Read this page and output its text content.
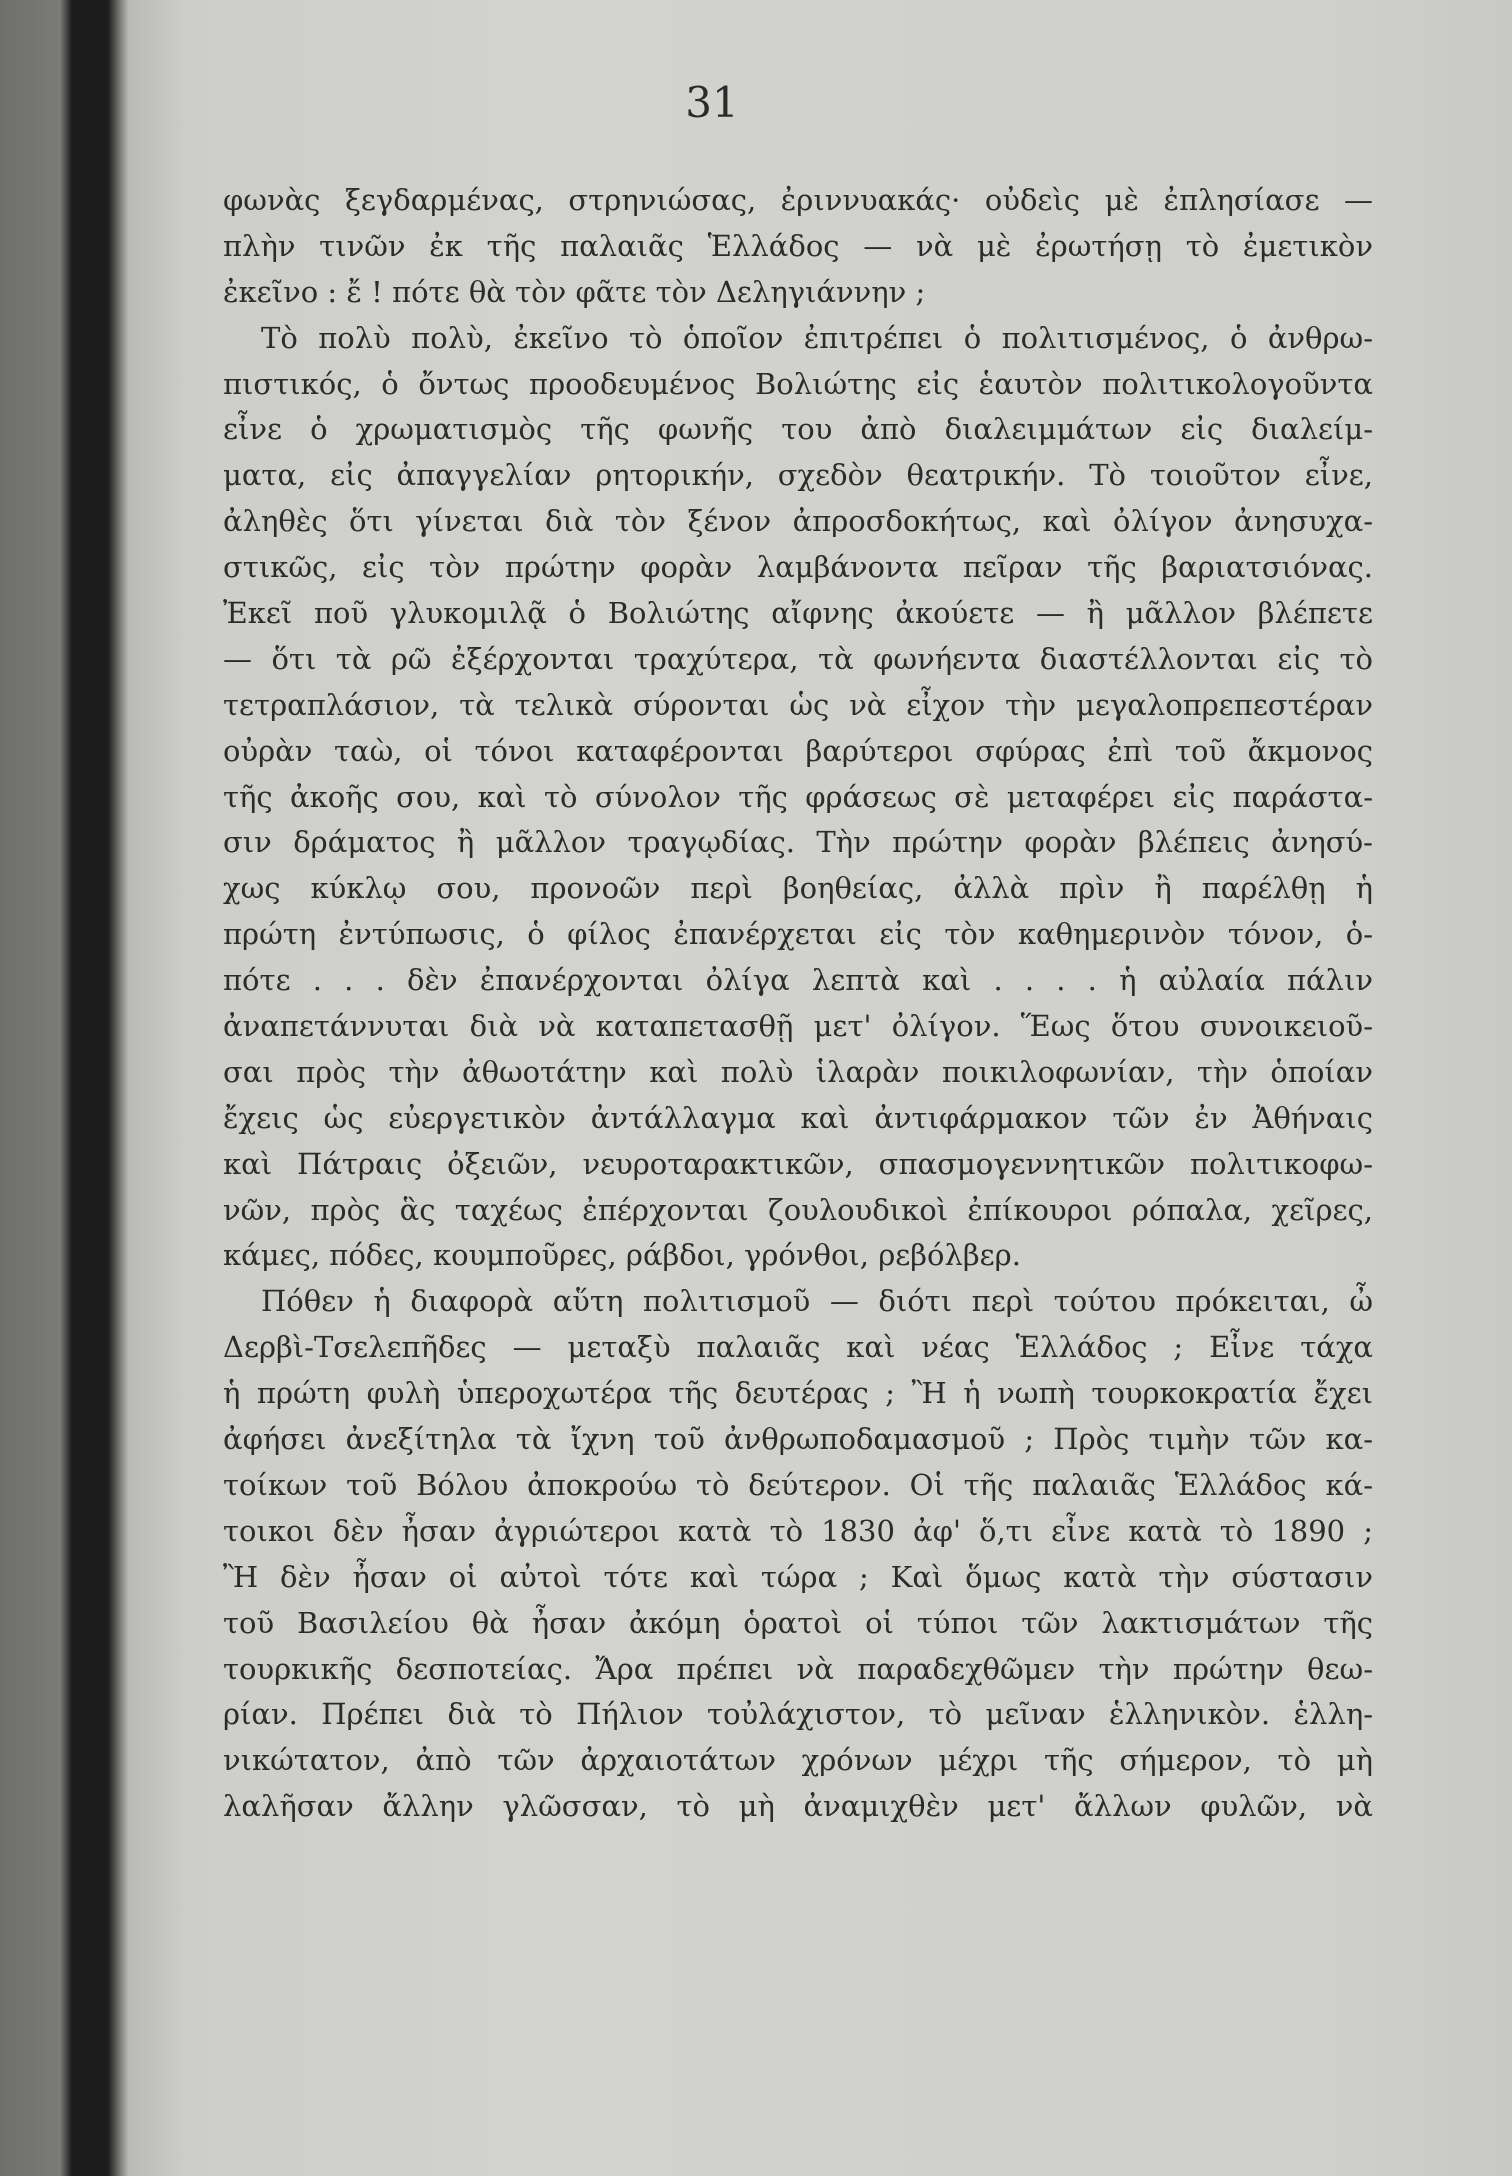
31
φωνὰς ξεγδαρμένας, στρηνιώσας, ἐριννυακάς· οὐδεὶς μὲ ἐπλησίασε —
πλὴν τινῶν ἐκ τῆς παλαιᾶς Ἑλλάδος — νὰ μὲ ἐρωτήσῃ τὸ ἐμετικὸν
ἐκεῖνο : ἔ ! πότε θὰ τὸν φᾶτε τὸν Δεληγιάννην ;
Τὸ πολὺ πολὺ, ἐκεῖνο τὸ ὁποῖον ἐπιτρέπει ὁ πολιτισμένος, ὁ ἀνθρω-
πιστικός, ὁ ὄντως προοδευμένος Βολιώτης εἰς ἑαυτὸν πολιτικολογοῦντα
εἶνε ὁ χρωματισμὸς τῆς φωνῆς του ἀπὸ διαλειμμάτων εἰς διαλείμ-
ματα, εἰς ἀπαγγελίαν ρητορικήν, σχεδὸν θεατρικήν. Τὸ τοιοῦτον εἶνε,
ἀληθὲς ὅτι γίνεται διὰ τὸν ξένον ἀπροσδοκήτως, καὶ ὀλίγον ἀνησυχα-
στικῶς, εἰς τὸν πρώτην φορὰν λαμβάνοντα πεῖραν τῆς βαριατσιόνας.
Ἐκεῖ ποῦ γλυκομιλᾷ ὁ Βολιώτης αἴφνης ἀκούετε — ἢ μᾶλλον βλέπετε
— ὅτι τὰ ρῶ ἐξέρχονται τραχύτερα, τὰ φωνήεντα διαστέλλονται εἰς τὸ
τετραπλάσιον, τὰ τελικὰ σύρονται ὡς νὰ εἶχον τὴν μεγαλοπρεπεστέραν
οὐρὰν ταὼ, οἱ τόνοι καταφέρονται βαρύτεροι σφύρας ἐπὶ τοῦ ἄκμονος
τῆς ἀκοῆς σου, καὶ τὸ σύνολον τῆς φράσεως σὲ μεταφέρει εἰς παράστα-
σιν δράματος ἢ μᾶλλον τραγῳδίας. Τὴν πρώτην φορὰν βλέπεις ἀνησύ-
χως κύκλῳ σου, προνοῶν περὶ βοηθείας, ἀλλὰ πρὶν ἢ παρέλθῃ ἡ
πρώτη ἐντύπωσις, ὁ φίλος ἐπανέρχεται εἰς τὸν καθημερινὸν τόνον, ὁ-
πότε . . . δὲν ἐπανέρχονται ὀλίγα λεπτὰ καὶ . . . . ἡ αὐλαία πάλιν
ἀναπετάννυται διὰ νὰ καταπετασθῇ μετ' ὀλίγον. Ἕως ὅτου συνοικειοῦ-
σαι πρὸς τὴν ἀθωοτάτην καὶ πολὺ ἱλαρὰν ποικιλοφωνίαν, τὴν ὁποίαν
ἔχεις ὡς εὐεργετικὸν ἀντάλλαγμα καὶ ἀντιφάρμακον τῶν ἐν Ἀθήναις
καὶ Πάτραις ὀξειῶν, νευροταρακτικῶν, σπασμογεννητικῶν πολιτικοφω-
νῶν, πρὸς ἃς ταχέως ἐπέρχονται ζουλουδικοὶ ἐπίκουροι ρόπαλα, χεῖρες,
κάμες, πόδες, κουμποῦρες, ράβδοι, γρόνθοι, ρεβόλβερ.
Πόθεν ἡ διαφορὰ αὕτη πολιτισμοῦ — διότι περὶ τούτου πρόκειται, ὦ
Δερβὶ-Τσελεπῆδες — μεταξὺ παλαιᾶς καὶ νέας Ἑλλάδος ; Εἶνε τάχα
ἡ πρώτη φυλὴ ὑπεροχωτέρα τῆς δευτέρας ; Ἢ ἡ νωπὴ τουρκοκρατία ἔχει
ἀφήσει ἀνεξίτηλα τὰ ἴχνη τοῦ ἀνθρωποδαμασμοῦ ; Πρὸς τιμὴν τῶν κα-
τοίκων τοῦ Βόλου ἀποκρούω τὸ δεύτερον. Οἱ τῆς παλαιᾶς Ἑλλάδος κά-
τοικοι δὲν ἦσαν ἀγριώτεροι κατὰ τὸ 1830 ἀφ' ὅ,τι εἶνε κατὰ τὸ 1890 ;
Ἢ δὲν ἦσαν οἱ αὐτοὶ τότε καὶ τώρα ; Καὶ ὅμως κατὰ τὴν σύστασιν
τοῦ Βασιλείου θὰ ἦσαν ἀκόμη ὁρατοὶ οἱ τύποι τῶν λακτισμάτων τῆς
τουρκικῆς δεσποτείας. Ἄρα πρέπει νὰ παραδεχθῶμεν τὴν πρώτην θεω-
ρίαν. Πρέπει διὰ τὸ Πήλιον τοὐλάχιστον, τὸ μεῖναν ἑλληνικὸν. ἑλλη-
νικώτατον, ἀπὸ τῶν ἀρχαιοτάτων χρόνων μέχρι τῆς σήμερον, τὸ μὴ
λαλῆσαν ἄλλην γλῶσσαν, τὸ μὴ ἀναμιχθὲν μετ' ἄλλων φυλῶν, νὰ
